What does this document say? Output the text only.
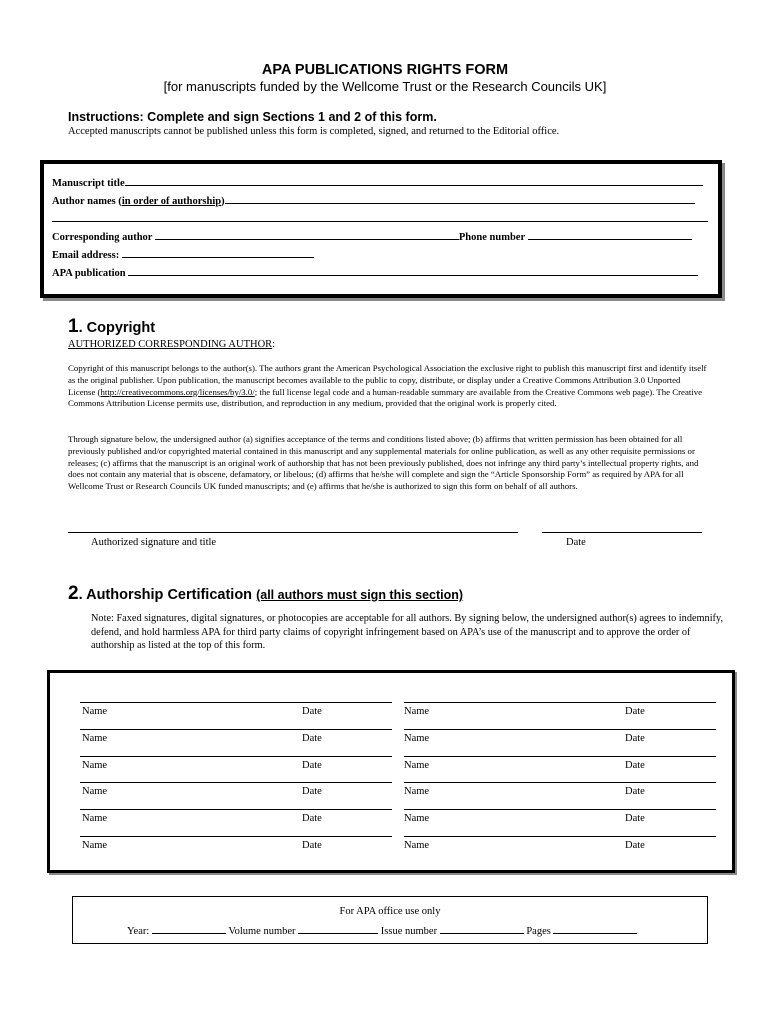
APA PUBLICATIONS RIGHTS FORM
[for manuscripts funded by the Wellcome Trust or the Research Councils UK]
Instructions: Complete and sign Sections 1 and 2 of this form.
Accepted manuscripts cannot be published unless this form is completed, signed, and returned to the Editorial office.
Manuscript title
Author names (in order of authorship)
Corresponding author	Phone number
Email address:
APA publication
1. Copyright
AUTHORIZED CORRESPONDING AUTHOR:
Copyright of this manuscript belongs to the author(s). The authors grant the American Psychological Association the exclusive right to publish this manuscript first and identify itself as the original publisher. Upon publication, the manuscript becomes available to the public to copy, distribute, or display under a Creative Commons Attribution 3.0 Unported License (http://creativecommons.org/licenses/by/3.0/; the full license legal code and a human-readable summary are available from the Creative Commons web page). The Creative Commons Attribution License permits use, distribution, and reproduction in any medium, provided that the original work is properly cited.
Through signature below, the undersigned author (a) signifies acceptance of the terms and conditions listed above; (b) affirms that written permission has been obtained for all previously published and/or copyrighted material contained in this manuscript and any supplemental materials for online publication, as well as any other requisite permissions or releases; (c) affirms that the manuscript is an original work of authorship that has not been previously published, does not infringe any third party’s intellectual property rights, and does not contain any material that is obscene, defamatory, or libelous; (d) affirms that he/she will complete and sign the “Article Sponsorship Form” as required by APA for all Wellcome Trust or Research Councils UK funded manuscripts; and (e) affirms that he/she is authorized to sign this form on behalf of all authors.
Authorized signature and title	Date
2. Authorship Certification (all authors must sign this section)
Note: Faxed signatures, digital signatures, or photocopies are acceptable for all authors. By signing below, the undersigned author(s) agrees to indemnify, defend, and hold harmless APA for third party claims of copyright infringement based on APA’s use of the manuscript and to approve the order of authorship as listed at the top of this form.
Name	Date	Name	Date
Name	Date	Name	Date
Name	Date	Name	Date
Name	Date	Name	Date
Name	Date	Name	Date
Name	Date	Name	Date
For APA office use only
Year:	Volume number	Issue number	Pages
